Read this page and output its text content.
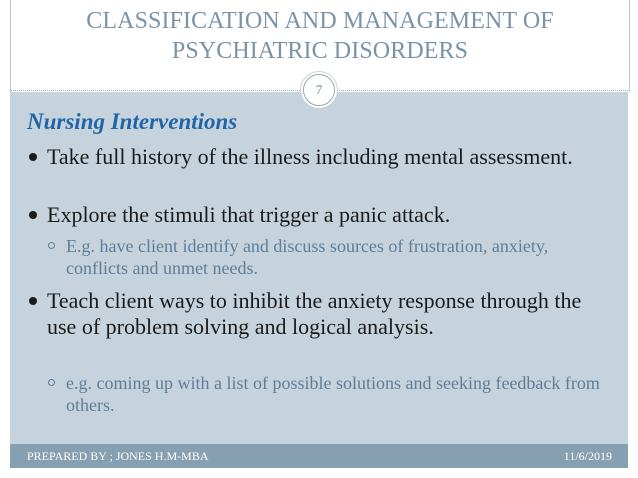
CLASSIFICATION AND MANAGEMENT OF
PSYCHIATRIC DISORDERS
7
Nursing Interventions
Take full history of the illness including mental assessment.
Explore the stimuli that trigger a panic attack.
E.g. have client identify and discuss sources of frustration, anxiety, conflicts and unmet needs.
Teach client ways to inhibit the anxiety response through the use of problem solving and logical analysis.
e.g. coming up with a list of possible solutions and seeking feedback from others.
PREPARED BY ; JONES H.M-MBA	11/6/2019
